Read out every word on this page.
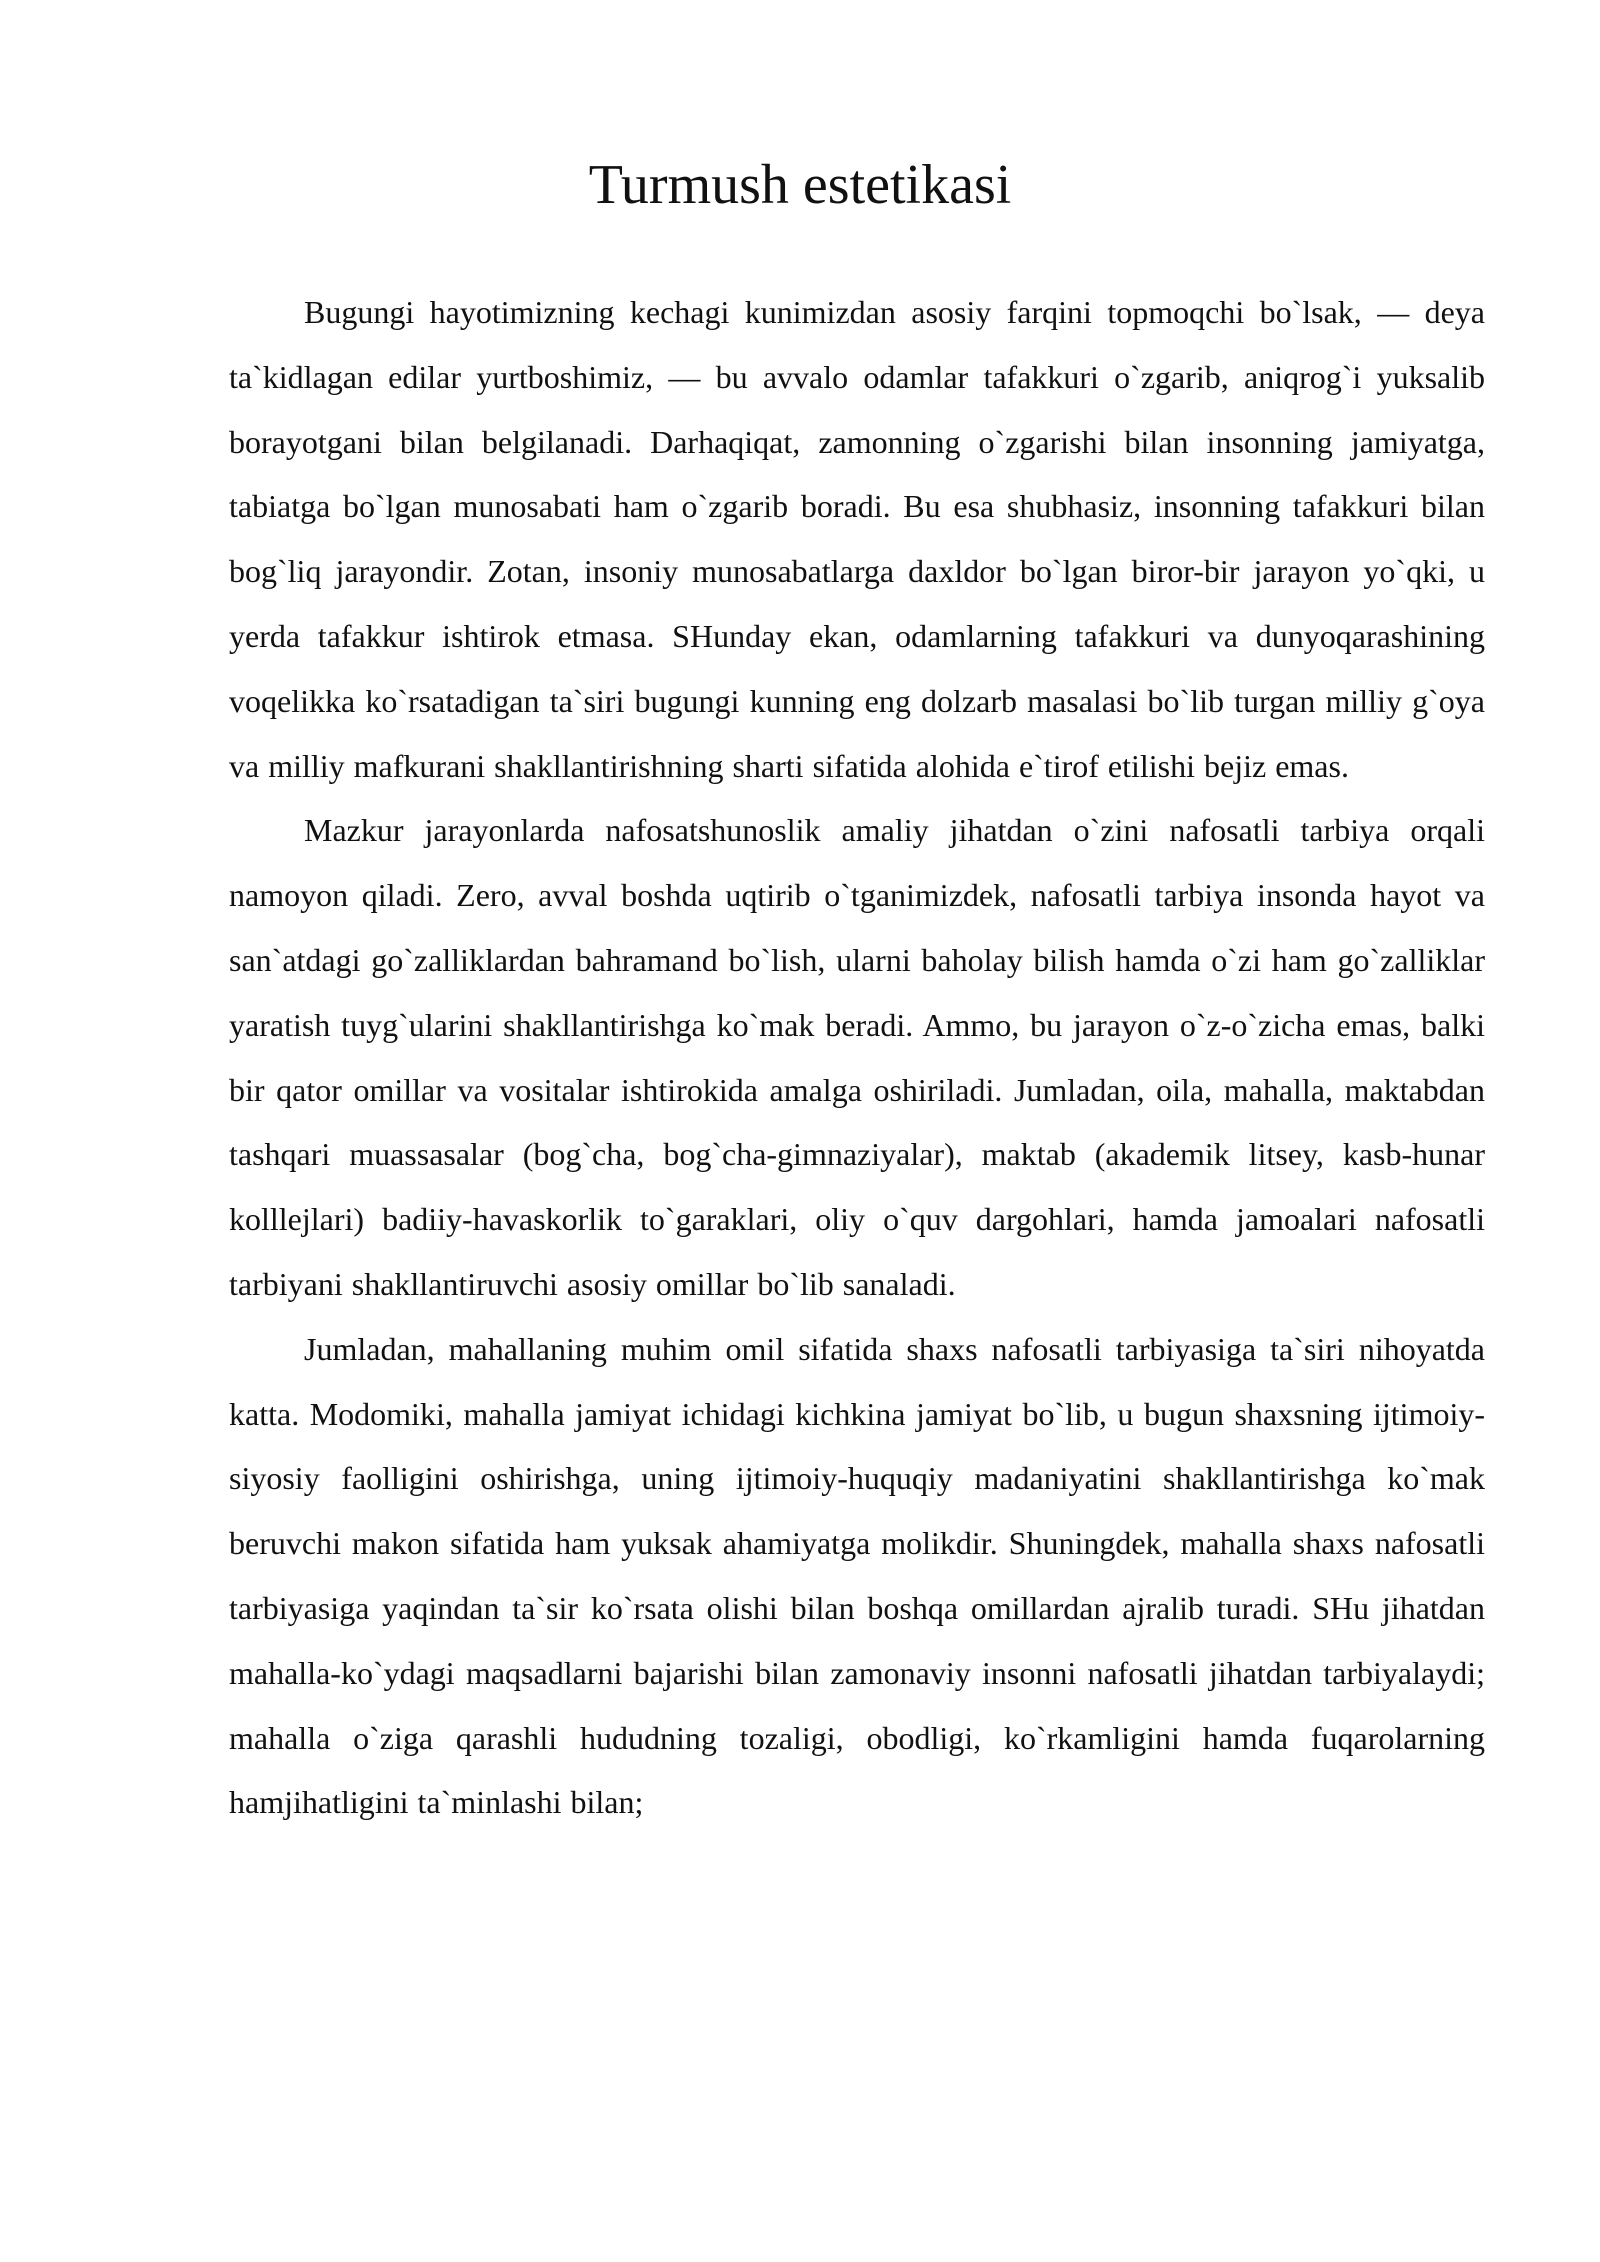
Turmush estetikasi

Bugungi hayotimizning kechagi kunimizdan asosiy farqini topmoqchi bo`lsak, — deya ta`kidlagan edilar yurtboshimiz, — bu avvalo odamlar tafakkuri o`zgarib, aniqrog`i yuksalib borayotgani bilan belgilanadi. Darhaqiqat, zamonning o`zgarishi bilan insonning jamiyatga, tabiatga bo`lgan munosabati ham o`zgarib boradi. Bu esa shubhasiz, insonning tafakkuri bilan bog`liq jarayondir. Zotan, insoniy munosabatlarga daxldor bo`lgan biror-bir jarayon yo`qki, u yerda tafakkur ishtirok etmasa. SHunday ekan, odamlarning tafakkuri va dunyoqarashining voqelikka ko`rsatadigan ta`siri bugungi kunning eng dolzarb masalasi bo`lib turgan milliy g`oya va milliy mafkurani shakllantirishning sharti sifatida alohida e`tirof etilishi bejiz emas.

Mazkur jarayonlarda nafosatshunoslik amaliy jihatdan o`zini nafosatli tarbiya orqali namoyon qiladi. Zero, avval boshda uqtirib o`tganimizdek, nafosatli tarbiya insonda hayot va san`atdagi go`zalliklardan bahramand bo`lish, ularni baholay bilish hamda o`zi ham go`zalliklar yaratish tuyg`ularini shakllantirishga ko`mak beradi. Ammo, bu jarayon o`z-o`zicha emas, balki bir qator omillar va vositalar ishtirokida amalga oshiriladi. Jumladan, oila, mahalla, maktabdan tashqari muassasalar (bog`cha, bog`cha-gimnaziyalar), maktab (akademik litsey, kasb-hunar kolllejlari) badiiy-havaskorlik to`garaklari, oliy o`quv dargohlari, hamda jamoalari nafosatli tarbiyani shakllantiruvchi asosiy omillar bo`lib sanaladi.

Jumladan, mahallaning muhim omil sifatida shaxs nafosatli tarbiyasiga ta`siri nihoyatda katta. Modomiki, mahalla jamiyat ichidagi kichkina jamiyat bo`lib, u bugun shaxsning ijtimoiy-siyosiy faolligini oshirishga, uning ijtimoiy-huquqiy madaniyatini shakllantirishga ko`mak beruvchi makon sifatida ham yuksak ahamiyatga molikdir. Shuningdek, mahalla shaxs nafosatli tarbiyasiga yaqindan ta`sir ko`rsata olishi bilan boshqa omillardan ajralib turadi. SHu jihatdan mahalla-ko`ydagi maqsadlarni bajarishi bilan zamonaviy insonni nafosatli jihatdan tarbiyalaydi; mahalla o`ziga qarashli hududning tozaligi, obodligi, ko`rkamligini hamda fuqarolarning hamjihatligini ta`minlashi bilan;
